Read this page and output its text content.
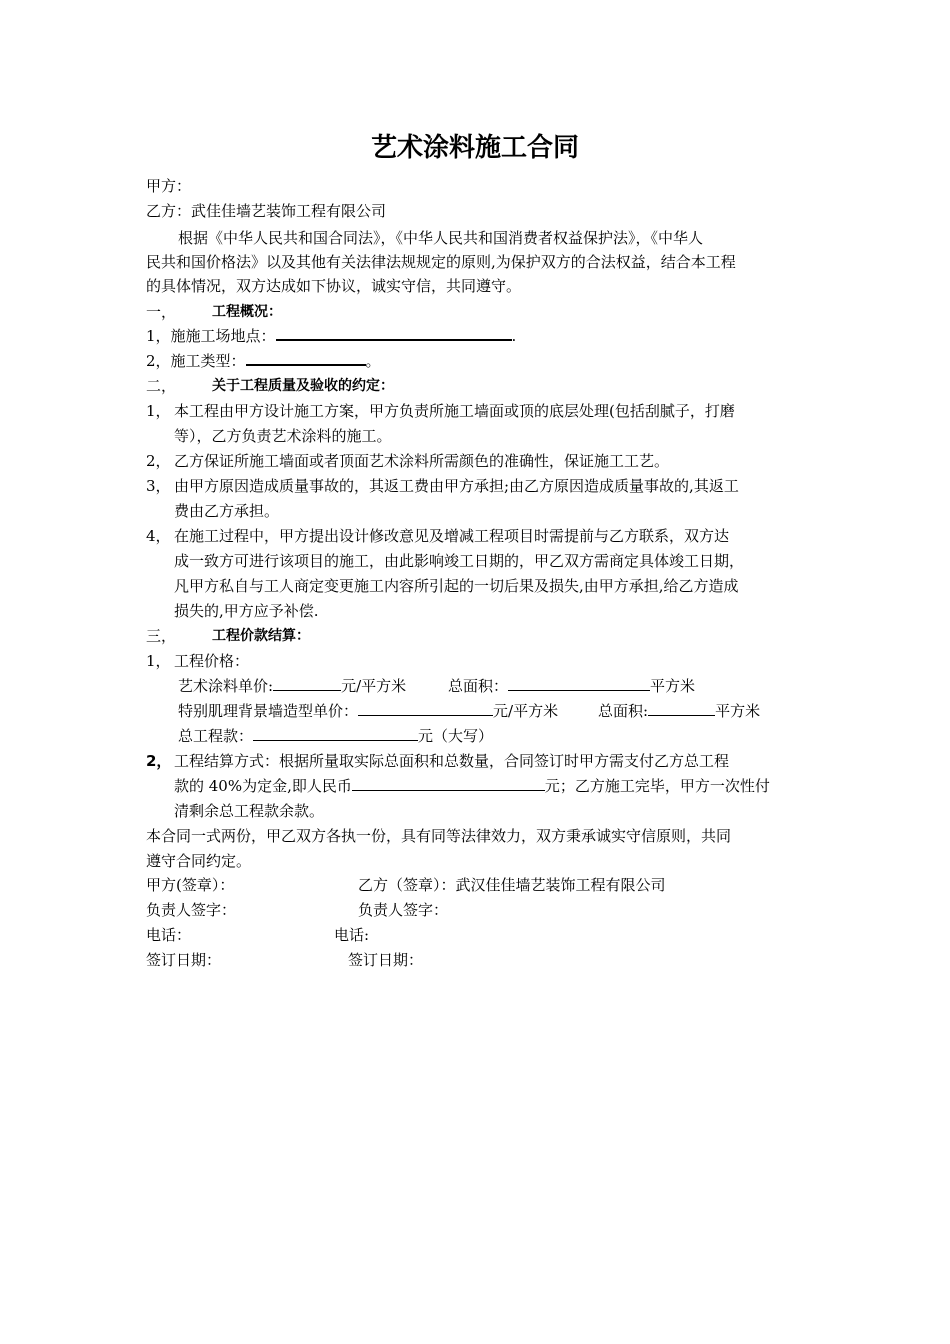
艺术涂料施工合同
甲方：
乙方：武佳佳墙艺装饰工程有限公司
根据《中华人民共和国合同法》，《中华人民共和国消费者权益保护法》，《中华人
民共和国价格法》以及其他有关法律法规规定的原则,为保护双方的合法权益，结合本工程
的具体情况，双方达成如下协议，诚实守信，共同遵守。
一，	工程概况：
1，施施工场地点：	.
2，施工类型：	。
二，	关于工程质量及验收的约定：
1， 本工程由甲方设计施工方案，甲方负责所施工墙面或顶的底层处理(包括刮腻子，打磨
等），乙方负责艺术涂料的施工。
2， 乙方保证所施工墙面或者顶面艺术涂料所需颜色的准确性，保证施工工艺。
3， 由甲方原因造成质量事故的，其返工费由甲方承担;由乙方原因造成质量事故的,其返工
费由乙方承担。
4， 在施工过程中，甲方提出设计修改意见及增减工程项目时需提前与乙方联系，双方达
成一致方可进行该项目的施工，由此影响竣工日期的，甲乙双方需商定具体竣工日期，
凡甲方私自与工人商定变更施工内容所引起的一切后果及损失,由甲方承担,给乙方造成
损失的,甲方应予补偿.
三，	工程价款结算：
1， 工程价格：
艺术涂料单价:	元/平方米	总面积：	平方米
特别肌理背景墙造型单价：	元/平方米	总面积:	平方米
总工程款：	元（大写）
2， 工程结算方式：根据所量取实际总面积和总数量，合同签订时甲方需支付乙方总工程
款的 40%为定金,即人民币	元；乙方施工完毕，甲方一次性付
清剩余总工程款余款。
本合同一式两份，甲乙双方各执一份，具有同等法律效力，双方秉承诚实守信原则，共同
遵守合同约定。
甲方(签章）：	乙方（签章）：武汉佳佳墙艺装饰工程有限公司
负责人签字：	负责人签字：
电话：	电话:
签订日期：	签订日期：
